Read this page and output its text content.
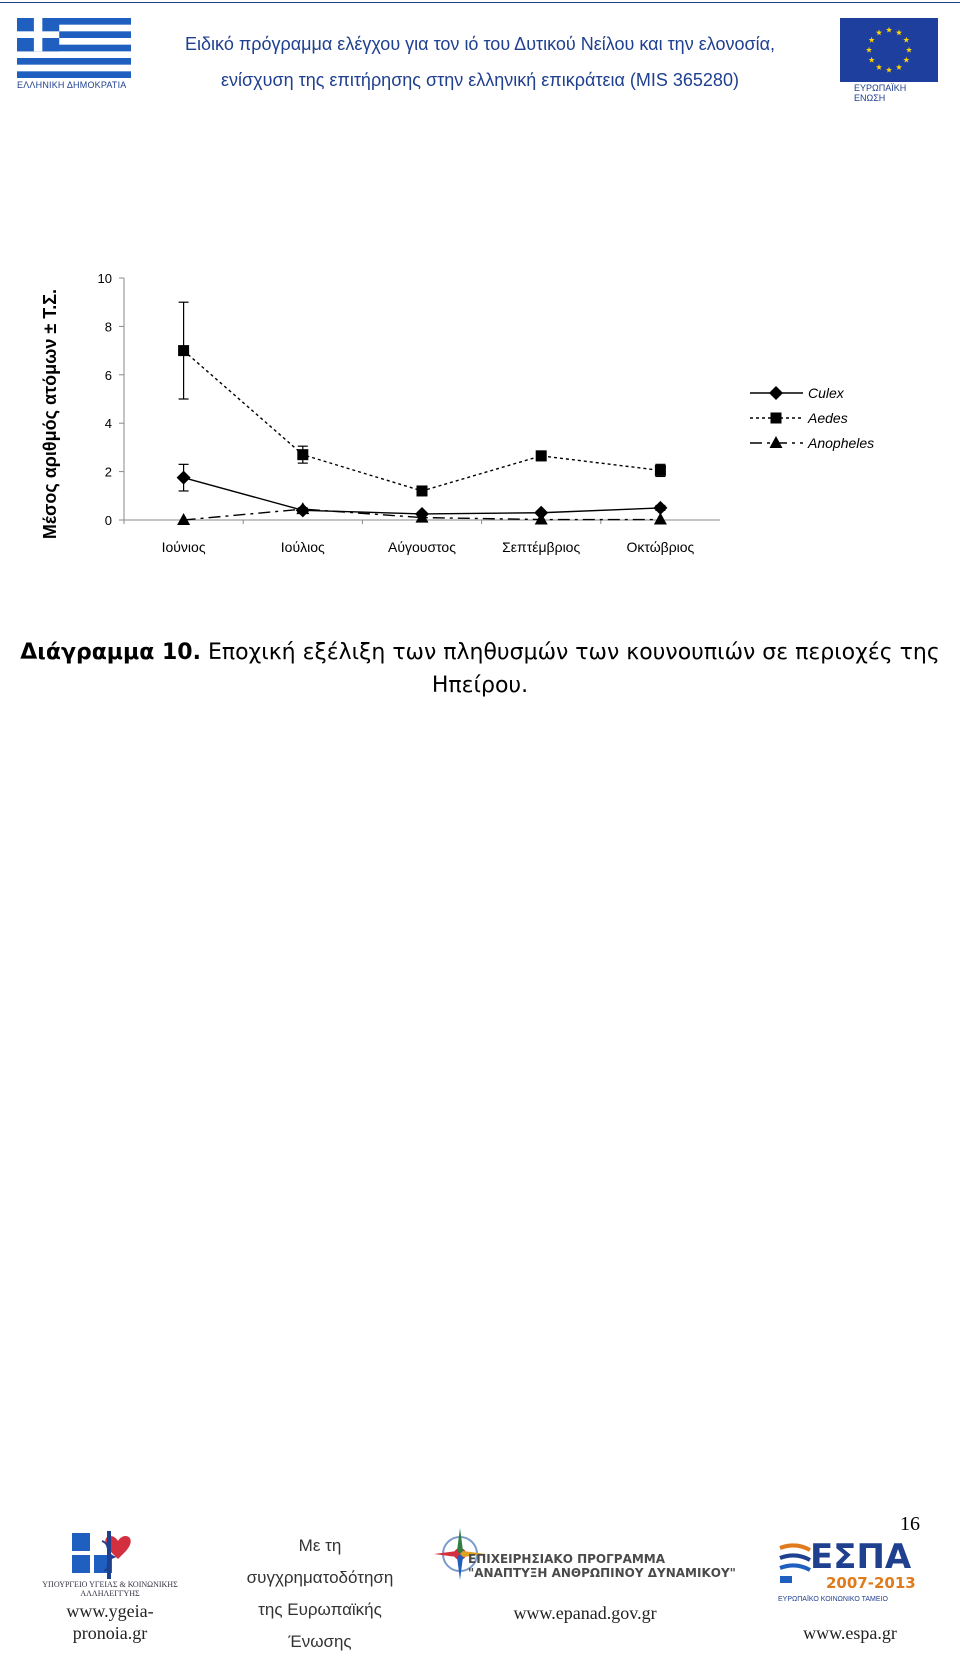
ΕΛΛΗΝΙΚΗ ΔΗΜΟΚΡΑΤΙΑ
Ειδικό πρόγραμμα ελέγχου για τον ιό του Δυτικού Νείλου και την ελονοσία,
ενίσχυση της επιτήρησης στην ελληνική επικράτεια (MIS 365280)	ΕΥΡΩΠΑΪΚΗ ΕΝΩΣΗ
Μέσος αριθμός ατόμων ± Τ.Σ.	0
2
4
6
8
10
Ιούνιος	Ιούλιος	Αύγουστος	Σεπτέμβριος	Οκτώβριος
Culex
Aedes
Anopheles
Διάγραμμα 10. Εποχική εξέλιξη των πληθυσμών των κουνουπιών σε περιοχές της Ηπείρου.
16
ΥΠΟΥΡΓΕΙΟ ΥΓΕΙΑΣ & ΚΟΙΝΩΝΙΚΗΣ ΑΛΛΗΛΕΓΓΥΗΣ
www.ygeia-
pronoia.gr
Με τη
συγχρηματοδότηση
της Ευρωπαϊκής
Ένωσης
ΕΠΙΧΕΙΡΗΣΙΑΚΟ ΠΡΟΓΡΑΜΜΑ
"ΑΝΑΠΤΥΞΗ ΑΝΘΡΩΠΙΝΟΥ ΔΥΝΑΜΙΚΟΥ"
www.epanad.gov.gr
ΕΣΠΑ
2007-2013
ΕΥΡΩΠΑΪΚΟ ΚΟΙΝΩΝΙΚΟ ΤΑΜΕΙΟ
www.espa.gr
